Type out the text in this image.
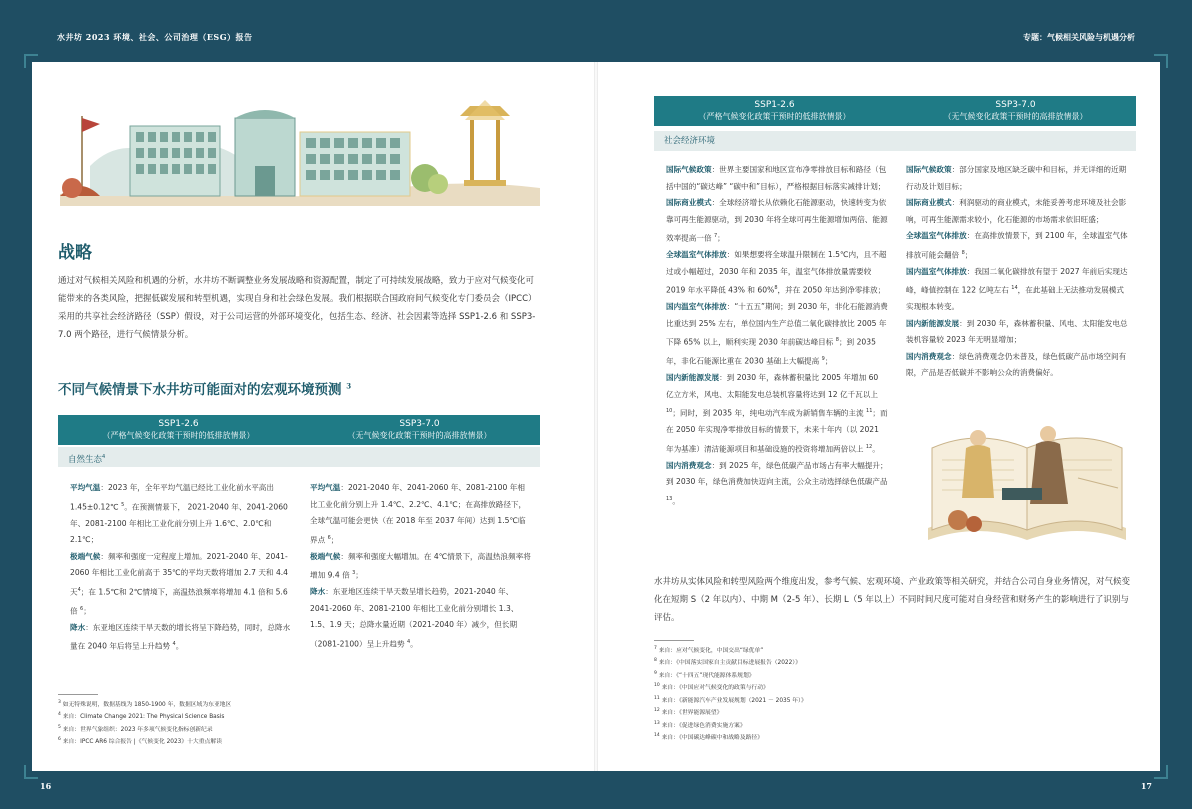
水井坊 2023 环境、社会、公司治理（ESG）报告	专题：气候相关风险与机遇分析
战略

通过对气候相关风险和机遇的分析，水井坊不断调整业务发展战略和资源配置，制定了可持续发展战略，致力于应对气候变化可能带来的各类风险，把握低碳发展和转型机遇，实现自身和社会绿色发展。我们根据联合国政府间气候变化专门委员会（IPCC）采用的共享社会经济路径（SSP）假设，对于公司运营的外部环境变化，包括生态、经济、社会因素等选择 SSP1-2.6 和 SSP3-7.0 两个路径，进行气候情景分析。

不同气候情景下水井坊可能面对的宏观环境预测 $^3$
SSP1-2.6
（严格气候变化政策干预时的低排放情景）
SSP3-7.0
（无气候变化政策干预时的高排放情景）
自然生态$^4$
平均气温：2023 年，全年平均气温已经比工业化前水平高出 1.45±0.12℃ $^5$。在预测情景下， 2021-2040 年、2041-2060 年、2081-2100 年相比工业化前分别上升 1.6℃、2.0℃和 2.1℃；
极端气候：频率和强度一定程度上增加。2021-2040 年、2041-2060 年相比工业化前高于 35℃的平均天数将增加 2.7 天和 4.4 天$^4$；在 1.5℃和 2℃情境下，高温热浪频率将增加 4.1 倍和 5.6 倍 $^6$；
降水：东亚地区连续干旱天数的增长将呈下降趋势，同时，总降水量在 2040 年后将呈上升趋势 $^4$。
平均气温：2021-2040 年、2041-2060 年、2081-2100 年相比工业化前分别上升 1.4℃、2.2℃、4.1℃；在高排放路径下，全球气温可能会更快（在 2018 年至 2037 年间）达到 1.5℃临界点 $^6$；
极端气候：频率和强度大幅增加。在 4℃情景下，高温热浪频率将增加 9.4 倍 $^3$；
降水：东亚地区连续干旱天数呈增长趋势，2021-2040 年、2041-2060 年、2081-2100 年相比工业化前分别增长 1.3、1.5、1.9 天；总降水量近期（2021-2040 年）减少，但长期（2081-2100）呈上升趋势 $^4$。
$^3$ 如无特殊说明，数据基线为 1850-1900 年，数据区域为东亚地区
$^4$ 来自：Climate Change 2021: The Physical Science Basis
$^5$ 来自：世界气象组织：2023 年多项气候变化指标创新纪录
$^6$ 来自：IPCC AR6 综合报告 |《气候变化 2023》十大重点解读
SSP1-2.6
（严格气候变化政策干预时的低排放情景）
SSP3-7.0
（无气候变化政策干预时的高排放情景）
社会经济环境
国际气候政策：世界主要国家和地区宣布净零排放目标和路径（包括中国的“碳达峰” “碳中和”目标），严格根据目标落实减排计划；
国际商业模式：全球经济增长从依赖化石能源驱动，快速转变为依靠可再生能源驱动，到 2030 年将全球可再生能源增加两倍、能源效率提高一倍 $^7$；
全球温室气体排放：如果想要将全球温升限制在 1.5℃内，且不超过或小幅超过，2030 年和 2035 年，温室气体排放量需要较 2019 年水平降低 43% 和 60%$^8$，并在 2050 年达到净零排放；
国内温室气体排放：“十五五”期间；到 2030 年，非化石能源消费比重达到 25% 左右，单位国内生产总值二氧化碳排放比 2005 年下降 65% 以上，顺利实现 2030 年前碳达峰目标 $^8$；到 2035 年，非化石能源比重在 2030 基础上大幅提高 $^9$；
国内新能源发展：到 2030 年，森林蓄积量比 2005 年增加 60 亿立方米，风电、太阳能发电总装机容量将达到 12 亿千瓦以上 $^{10}$；同时，到 2035 年，纯电动汽车成为新销售车辆的主流 $^{11}$；而在 2050 年实现净零排放目标的情景下，未来十年内（以 2021 年为基准）清洁能源项目和基础设施的投资将增加两倍以上 $^{12}$。
国内消费观念：到 2025 年，绿色低碳产品市场占有率大幅提升；到 2030 年，绿色消费加快迈向主流，公众主动选择绿色低碳产品 $^{13}$。
国际气候政策：部分国家及地区缺乏碳中和目标，并无详细的近期行动及计划目标；
国际商业模式：利润驱动的商业模式，未能妥善考虑环境及社会影响，可再生能源需求较小，化石能源的市场需求依旧旺盛；
全球温室气体排放：在高排放情景下，到 2100 年，全球温室气体排放可能会翻倍 $^8$；
国内温室气体排放：我国二氧化碳排放有望于 2027 年前后实现达峰，峰值控制在 122 亿吨左右 $^{14}$，在此基础上无法推动发展模式实现根本转变。
国内新能源发展：到 2030 年，森林蓄积量、风电、太阳能发电总装机容量较 2023 年无明显增加；
国内消费观念：绿色消费观念仍未普及，绿色低碳产品市场空间有限，产品是否低碳并不影响公众的消费偏好。

水井坊从实体风险和转型风险两个维度出发，参考气候、宏观环境、产业政策等相关研究，并结合公司自身业务情况，对气候变化在短期 S（2 年以内）、中期 M（2-5 年）、长期 L（5 年以上）不同时间尺度可能对自身经营和财务产生的影响进行了识别与评估。

$^7$ 来自：应对气候变化，中国交出“绿优单”
$^8$ 来自：《中国落实国家自主贡献目标进展报告（2022）》
$^9$ 来自：《“十四五”现代能源体系规划》
$^{10}$ 来自：《中国应对气候变化的政策与行动》
$^{11}$ 来自：《新能源汽车产业发展规划（2021 － 2035 年）》
$^{12}$ 来自：《世界能源展望》
$^{13}$ 来自：《促进绿色消费实施方案》
$^{14}$ 来自：《中国碳达峰碳中和战略及路径》
16	17
